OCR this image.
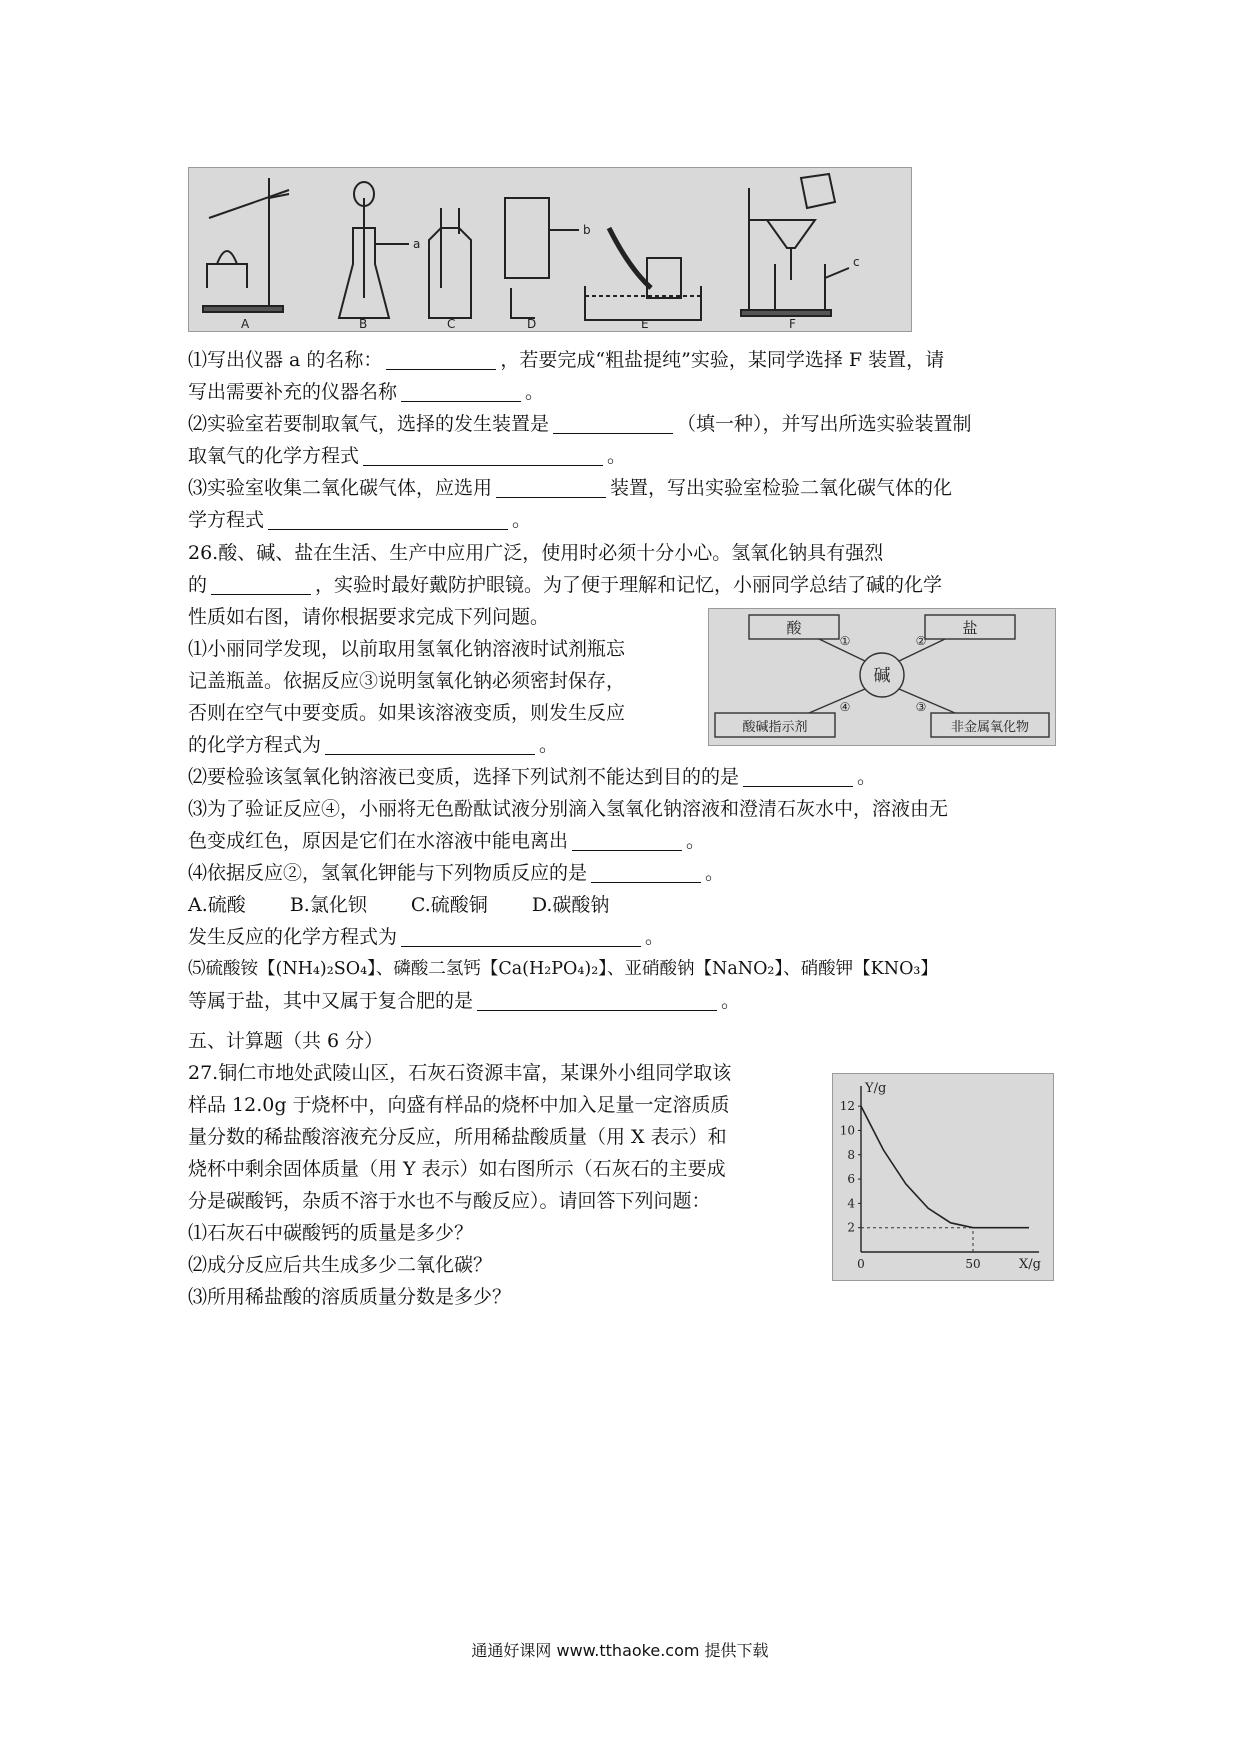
A	B	C	D	E	F
a
b
c
⑴写出仪器 a 的名称：	，若要完成“粗盐提纯”实验，某同学选择 F 装置，请
写出需要补充的仪器名称	。
⑵实验室若要制取氧气，选择的发生装置是	（填一种），并写出所选实验装置制
取氧气的化学方程式	。
⑶实验室收集二氧化碳气体，应选用	装置，写出实验室检验二氧化碳气体的化
学方程式	。
26.酸、碱、盐在生活、生产中应用广泛，使用时必须十分小心。氢氧化钠具有强烈
的	，实验时最好戴防护眼镜。为了便于理解和记忆，小丽同学总结了碱的化学
性质如右图，请你根据要求完成下列问题。
⑴小丽同学发现，以前取用氢氧化钠溶液时试剂瓶忘
记盖瓶盖。依据反应③说明氢氧化钠必须密封保存，
否则在空气中要变质。如果该溶液变质，则发生反应
的化学方程式为	。
⑵要检验该氢氧化钠溶液已变质，选择下列试剂不能达到目的的是	。
⑶为了验证反应④，小丽将无色酚酞试液分别滴入氢氧化钠溶液和澄清石灰水中，溶液由无
色变成红色，原因是它们在水溶液中能电离出	。
⑷依据反应②，氢氧化钾能与下列物质反应的是	。
A.硫酸 B.氯化钡 C.硫酸铜 D.碳酸钠
发生反应的化学方程式为	。
⑸硫酸铵【(NH₄)₂SO₄】、磷酸二氢钙【Ca(H₂PO₄)₂】、亚硝酸钠【NaNO₂】、硝酸钾【KNO₃】
等属于盐，其中又属于复合肥的是	。
酸	盐
酸碱指示剂	非金属氧化物
碱
①	②
③
④
五、计算题（共 6 分）
27.铜仁市地处武陵山区，石灰石资源丰富，某课外小组同学取该
样品 12.0g 于烧杯中，向盛有样品的烧杯中加入足量一定溶质质
量分数的稀盐酸溶液充分反应，所用稀盐酸质量（用 X 表示）和
烧杯中剩余固体质量（用 Y 表示）如右图所示（石灰石的主要成
分是碳酸钙，杂质不溶于水也不与酸反应）。请回答下列问题：
⑴石灰石中碳酸钙的质量是多少？
⑵成分反应后共生成多少二氧化碳？
⑶所用稀盐酸的溶质质量分数是多少？
2
4
6
8
10
12
0	50
Y/g
X/g
通通好课网 www.tthaoke.com 提供下载
